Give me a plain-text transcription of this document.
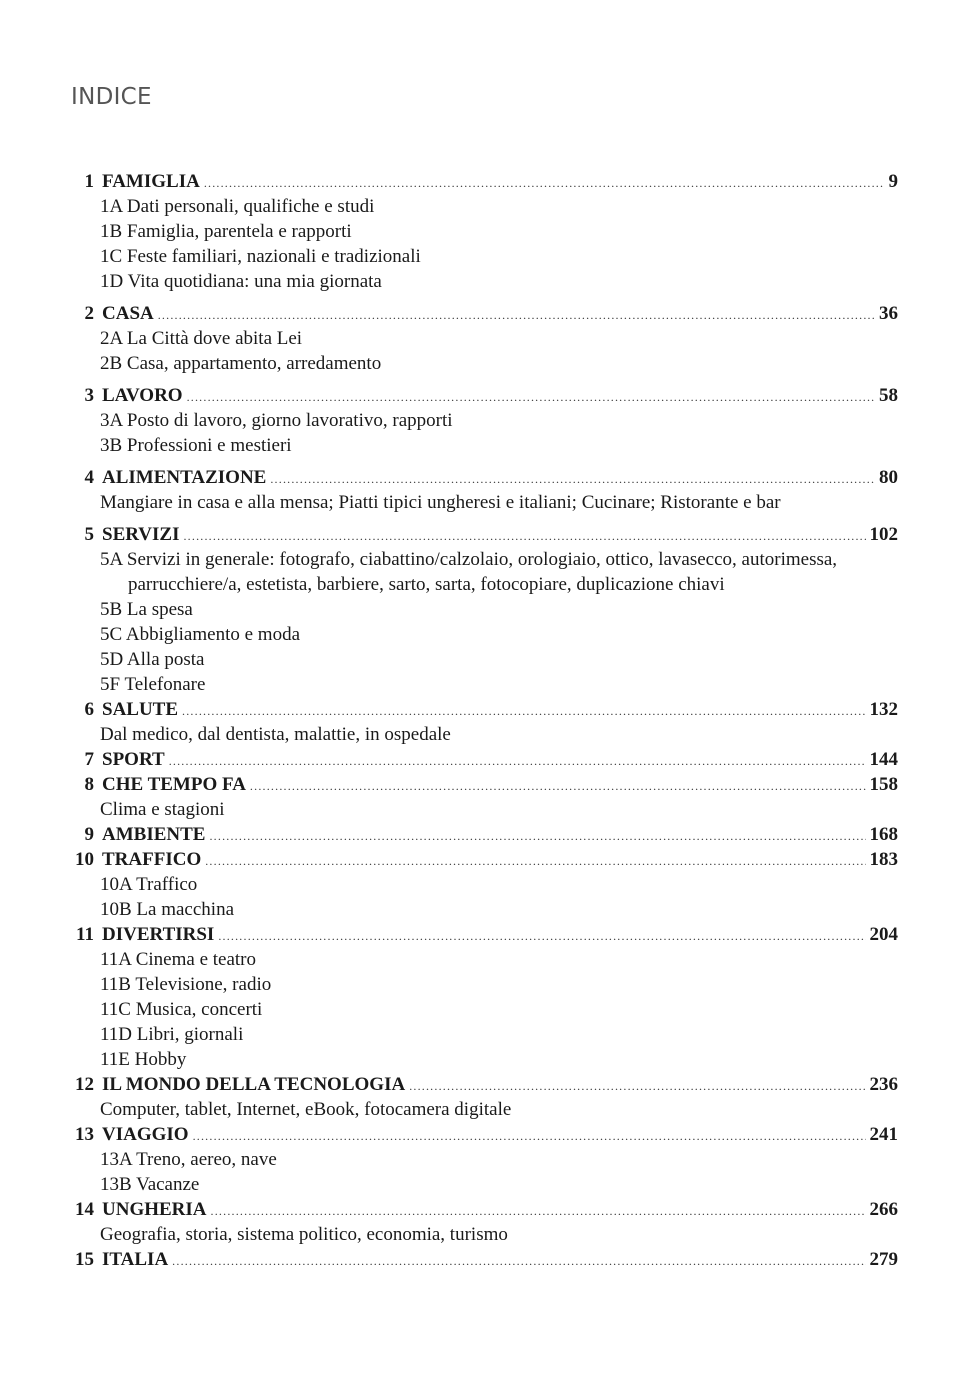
INDICE
1 FAMIGLIA .....	9
1A Dati personali, qualifiche e studi
1B Famiglia, parentela e rapporti
1C Feste familiari, nazionali e tradizionali
1D Vita quotidiana: una mia giornata
2 CASA .....	36
2A La Città dove abita Lei
2B Casa, appartamento, arredamento
3 LAVORO .....	58
3A Posto di lavoro, giorno lavorativo, rapporti
3B Professioni e mestieri
4 ALIMENTAZIONE .....	80
Mangiare in casa e alla mensa; Piatti tipici ungheresi e italiani; Cucinare; Ristorante e bar
5 SERVIZI .....	102
5A Servizi in generale: fotografo, ciabattino/calzolaio, orologiaio, ottico, lavasecco, autorimessa,
parrucchiere/a, estetista, barbiere, sarto, sarta, fotocopiare, duplicazione chiavi
5B La spesa
5C Abbigliamento e moda
5D Alla posta
5F Telefonare
6 SALUTE .....	132
Dal medico, dal dentista, malattie, in ospedale
7 SPORT .....	144
8 CHE TEMPO FA .....	158
Clima e stagioni
9 AMBIENTE .....	168
10 TRAFFICO .....	183
10A Traffico
10B La macchina
11 DIVERTIRSI .....	204
11A Cinema e teatro
11B Televisione, radio
11C Musica, concerti
11D Libri, giornali
11E Hobby
12 IL MONDO DELLA TECNOLOGIA .....	236
Computer, tablet, Internet, eBook, fotocamera digitale
13 VIAGGIO .....	241
13A Treno, aereo, nave
13B Vacanze
14 UNGHERIA .....	266
Geografia, storia, sistema politico, economia, turismo
15 ITALIA .....	279
